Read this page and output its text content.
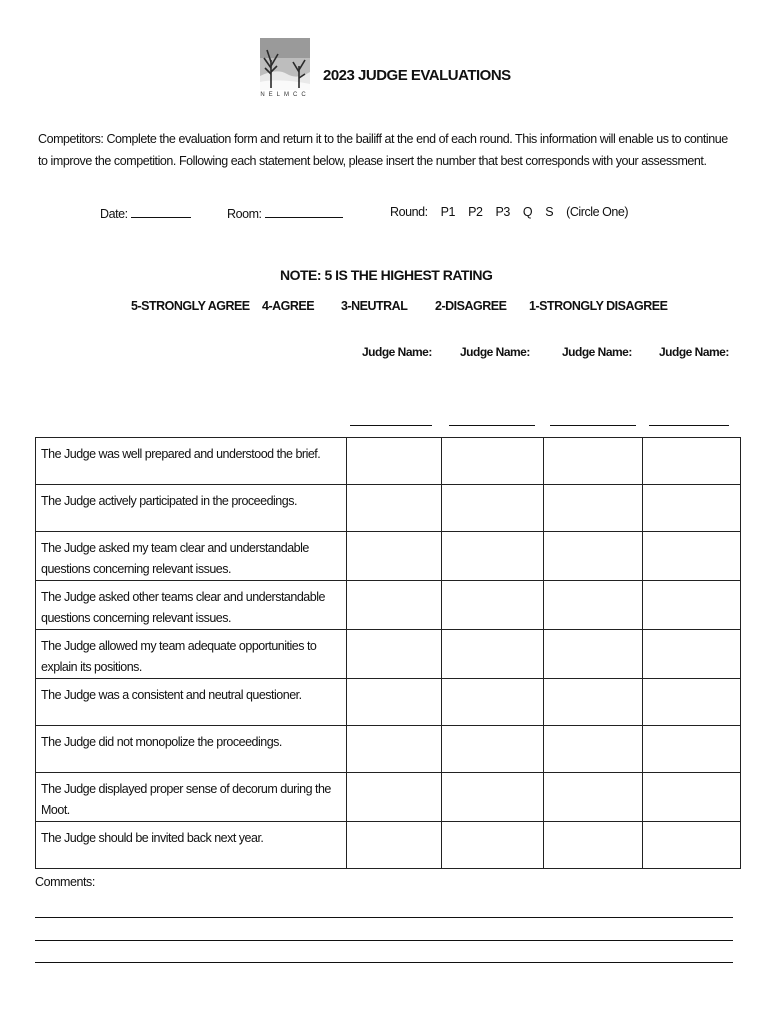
NELMCC
2023 JUDGE EVALUATIONS
Competitors: Complete the evaluation form and return it to the bailiff at the end of each round. This information will enable us to continue to improve the competition. Following each statement below, please insert the number that best corresponds with your assessment.
Date:	Room:	Round: P1 P2 P3 Q S (Circle One)
NOTE: 5 IS THE HIGHEST RATING
5-STRONGLY AGREE 4-AGREE 3-NEUTRAL 2-DISAGREE 1-STRONGLY DISAGREE
Judge Name: Judge Name:	Judge Name: Judge Name:
The Judge was well prepared and understood the brief.				
The Judge actively participated in the proceedings.				
The Judge asked my team clear and understandable questions concerning relevant issues.				
The Judge asked other teams clear and understandable questions concerning relevant issues.				
The Judge allowed my team adequate opportunities to explain its positions.				
The Judge was a consistent and neutral questioner.				
The Judge did not monopolize the proceedings.				
The Judge displayed proper sense of decorum during the Moot.				
The Judge should be invited back next year.				
Comments:
